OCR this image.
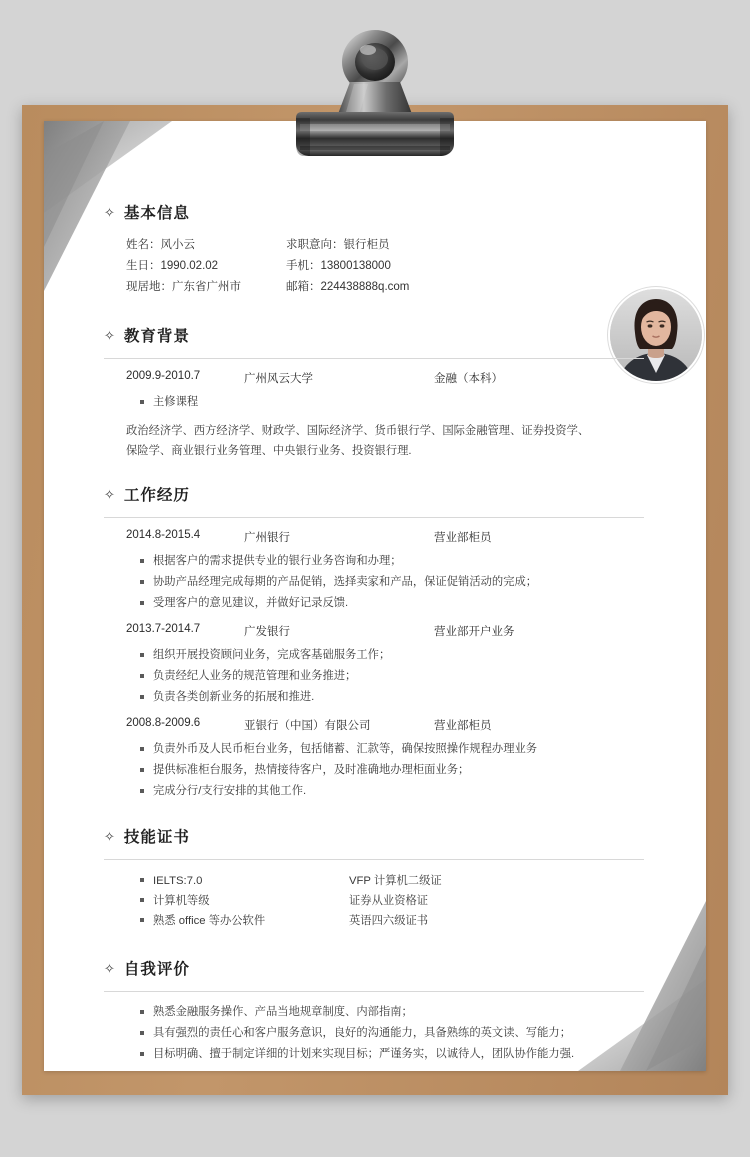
✧ 基本信息
姓名：风小云	求职意向：银行柜员
生日：1990.02.02	手机：13800138000
现居地：广东省广州市	邮箱：224438888q.com
✧ 教育背景
2009.9-2010.7	广州风云大学	金融（本科）
主修课程
政治经济学、西方经济学、财政学、国际经济学、货币银行学、国际金融管理、证券投资学、
保险学、商业银行业务管理、中央银行业务、投资银行理.
✧ 工作经历
2014.8-2015.4	广州银行	营业部柜员
根据客户的需求提供专业的银行业务咨询和办理；
协助产品经理完成每期的产品促销，选择卖家和产品，保证促销活动的完成；
受理客户的意见建议，并做好记录反馈.
2013.7-2014.7	广发银行	营业部开户业务
组织开展投资顾问业务，完成客基础服务工作；
负责经纪人业务的规范管理和业务推进；
负责各类创新业务的拓展和推进.
2008.8-2009.6	亚银行（中国）有限公司	营业部柜员
负责外币及人民币柜台业务，包括储蓄、汇款等，确保按照操作规程办理业务
提供标准柜台服务，热情接待客户，及时准确地办理柜面业务；
完成分行/支行安排的其他工作.
✧ 技能证书
IELTS:7.0	VFP 计算机二级证
计算机等级	证券从业资格证
熟悉 office 等办公软件	英语四六级证书
✧ 自我评价
熟悉金融服务操作、产品当地规章制度、内部指南；
具有强烈的责任心和客户服务意识，良好的沟通能力，具备熟练的英文读、写能力；
目标明确、擅于制定详细的计划来实现目标；严谨务实，以诚待人，团队协作能力强.
